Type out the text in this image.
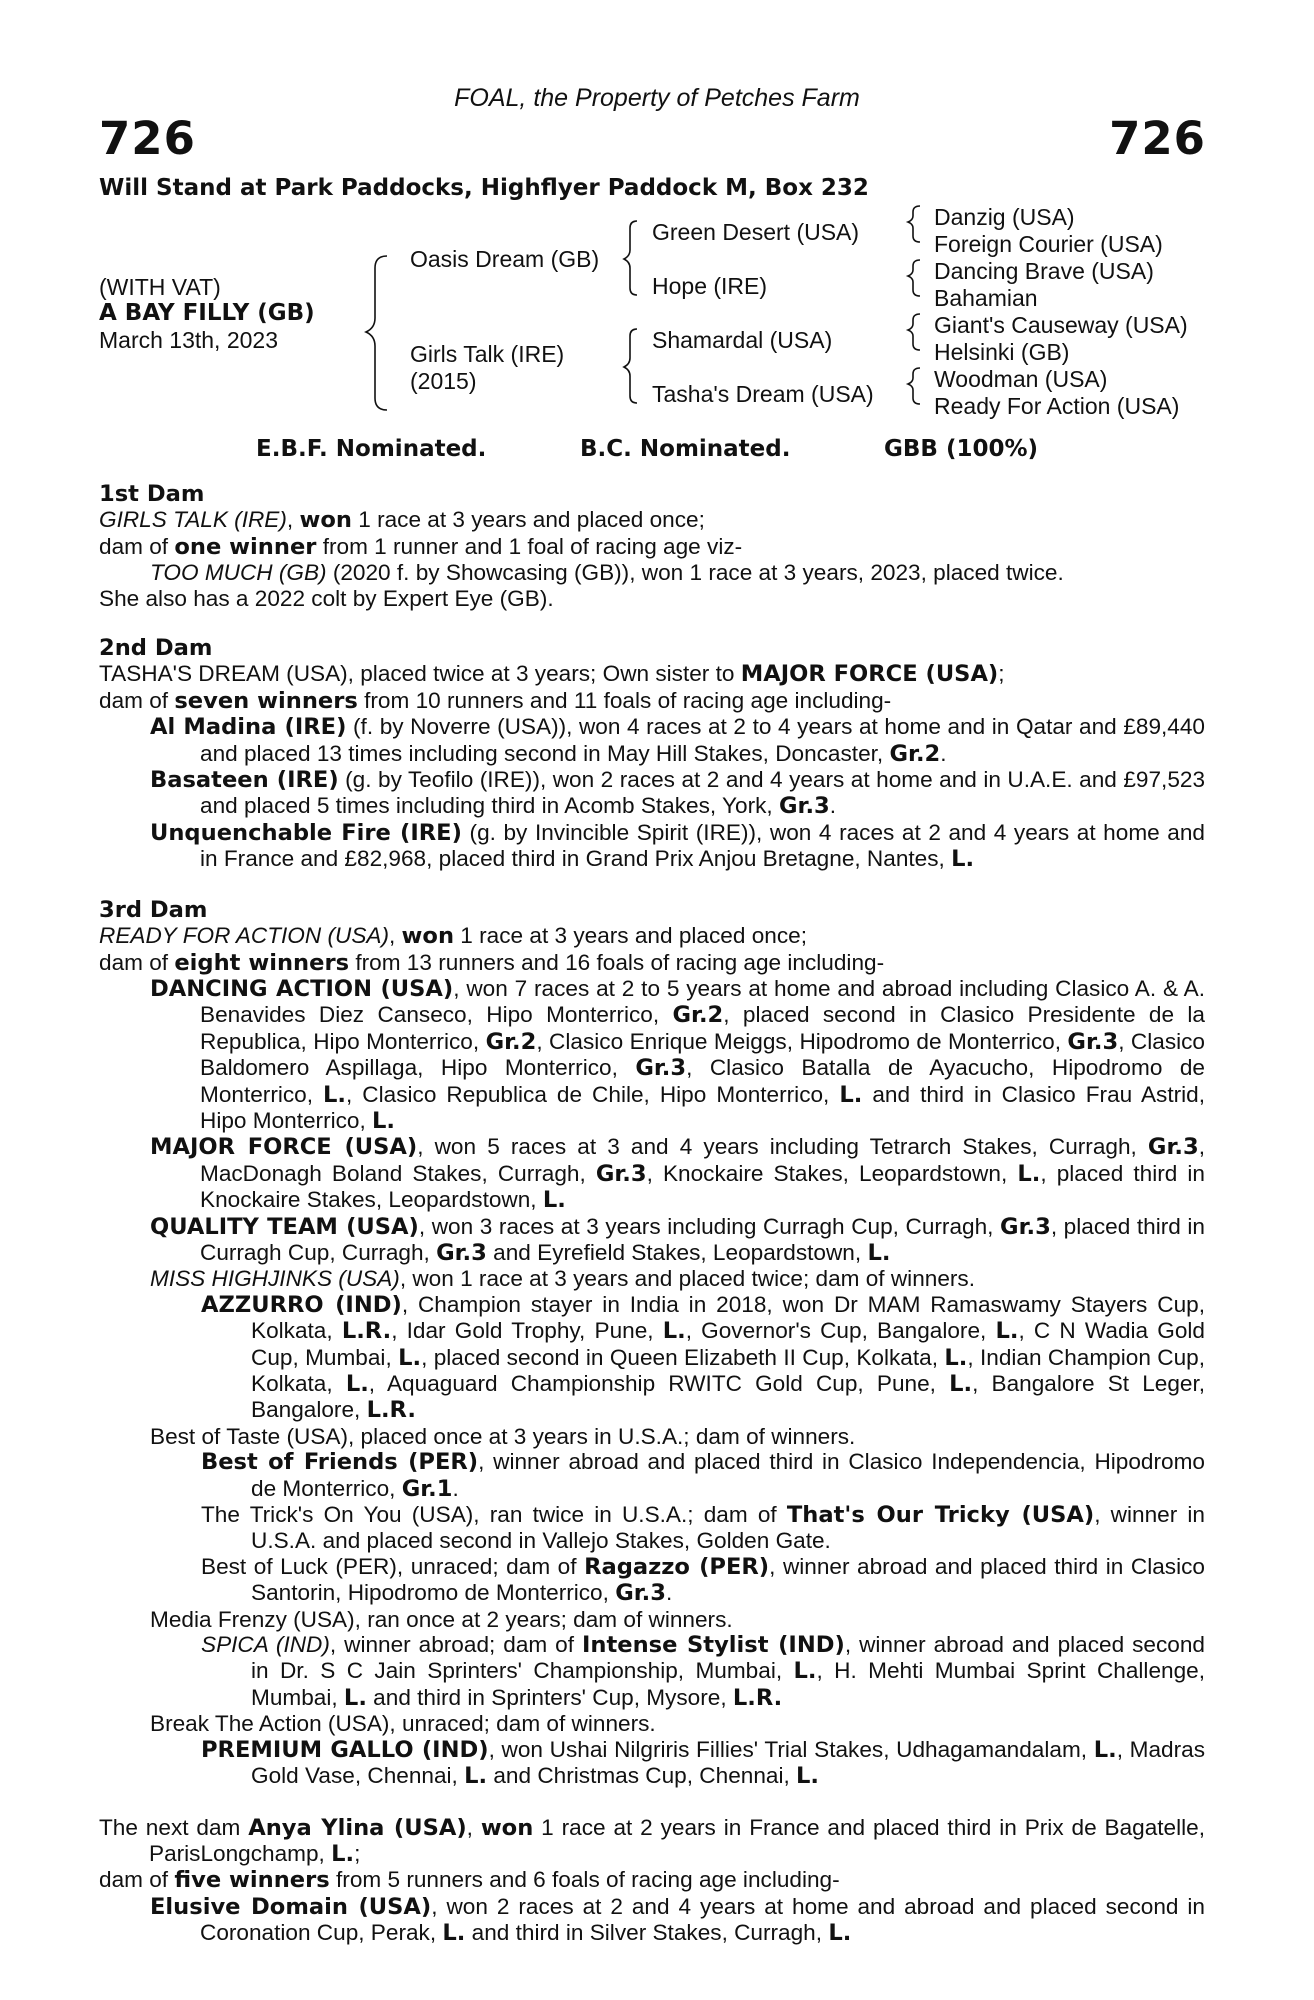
FOAL, the Property of Petches Farm
726	726
Will Stand at Park Paddocks, Highflyer Paddock M, Box 232
(WITH VAT)
A BAY FILLY (GB)
March 13th, 2023
Oasis Dream (GB)
Girls Talk (IRE)
(2015)
Green Desert (USA)
Hope (IRE)
Shamardal (USA)
Tasha's Dream (USA)
Danzig (USA)
Foreign Courier (USA)
Dancing Brave (USA)
Bahamian
Giant's Causeway (USA)
Helsinki (GB)
Woodman (USA)
Ready For Action (USA)
E.B.F. Nominated.	B.C. Nominated.	GBB (100%)
1st Dam
GIRLS TALK (IRE), won 1 race at 3 years and placed once;
dam of one winner from 1 runner and 1 foal of racing age viz-
TOO MUCH (GB) (2020 f. by Showcasing (GB)), won 1 race at 3 years, 2023, placed twice.
She also has a 2022 colt by Expert Eye (GB).
2nd Dam
TASHA'S DREAM (USA), placed twice at 3 years; Own sister to MAJOR FORCE (USA);
dam of seven winners from 10 runners and 11 foals of racing age including-
Al Madina (IRE) (f. by Noverre (USA)), won 4 races at 2 to 4 years at home and in Qatar and £89,440 and placed 13 times including second in May Hill Stakes, Doncaster, Gr.2.
Basateen (IRE) (g. by Teofilo (IRE)), won 2 races at 2 and 4 years at home and in U.A.E. and £97,523 and placed 5 times including third in Acomb Stakes, York, Gr.3.
Unquenchable Fire (IRE) (g. by Invincible Spirit (IRE)), won 4 races at 2 and 4 years at home and in France and £82,968, placed third in Grand Prix Anjou Bretagne, Nantes, L.
3rd Dam
READY FOR ACTION (USA), won 1 race at 3 years and placed once;
dam of eight winners from 13 runners and 16 foals of racing age including-
DANCING ACTION (USA), won 7 races at 2 to 5 years at home and abroad including Clasico A. & A. Benavides Diez Canseco, Hipo Monterrico, Gr.2, placed second in Clasico Presidente de la Republica, Hipo Monterrico, Gr.2, Clasico Enrique Meiggs, Hipodromo de Monterrico, Gr.3, Clasico Baldomero Aspillaga, Hipo Monterrico, Gr.3, Clasico Batalla de Ayacucho, Hipodromo de Monterrico, L., Clasico Republica de Chile, Hipo Monterrico, L. and third in Clasico Frau Astrid, Hipo Monterrico, L.
MAJOR FORCE (USA), won 5 races at 3 and 4 years including Tetrarch Stakes, Curragh, Gr.3, MacDonagh Boland Stakes, Curragh, Gr.3, Knockaire Stakes, Leopardstown, L., placed third in Knockaire Stakes, Leopardstown, L.
QUALITY TEAM (USA), won 3 races at 3 years including Curragh Cup, Curragh, Gr.3, placed third in Curragh Cup, Curragh, Gr.3 and Eyrefield Stakes, Leopardstown, L.
MISS HIGHJINKS (USA), won 1 race at 3 years and placed twice; dam of winners.
AZZURRO (IND), Champion stayer in India in 2018, won Dr MAM Ramaswamy Stayers Cup, Kolkata, L.R., Idar Gold Trophy, Pune, L., Governor's Cup, Bangalore, L., C N Wadia Gold Cup, Mumbai, L., placed second in Queen Elizabeth II Cup, Kolkata, L., Indian Champion Cup, Kolkata, L., Aquaguard Championship RWITC Gold Cup, Pune, L., Bangalore St Leger, Bangalore, L.R.
Best of Taste (USA), placed once at 3 years in U.S.A.; dam of winners.
Best of Friends (PER), winner abroad and placed third in Clasico Independencia, Hipodromo de Monterrico, Gr.1.
The Trick's On You (USA), ran twice in U.S.A.; dam of That's Our Tricky (USA), winner in U.S.A. and placed second in Vallejo Stakes, Golden Gate.
Best of Luck (PER), unraced; dam of Ragazzo (PER), winner abroad and placed third in Clasico Santorin, Hipodromo de Monterrico, Gr.3.
Media Frenzy (USA), ran once at 2 years; dam of winners.
SPICA (IND), winner abroad; dam of Intense Stylist (IND), winner abroad and placed second in Dr. S C Jain Sprinters' Championship, Mumbai, L., H. Mehti Mumbai Sprint Challenge, Mumbai, L. and third in Sprinters' Cup, Mysore, L.R.
Break The Action (USA), unraced; dam of winners.
PREMIUM GALLO (IND), won Ushai Nilgriris Fillies' Trial Stakes, Udhagamandalam, L., Madras Gold Vase, Chennai, L. and Christmas Cup, Chennai, L.
The next dam Anya Ylina (USA), won 1 race at 2 years in France and placed third in Prix de Bagatelle, ParisLongchamp, L.;
dam of five winners from 5 runners and 6 foals of racing age including-
Elusive Domain (USA), won 2 races at 2 and 4 years at home and abroad and placed second in Coronation Cup, Perak, L. and third in Silver Stakes, Curragh, L.
